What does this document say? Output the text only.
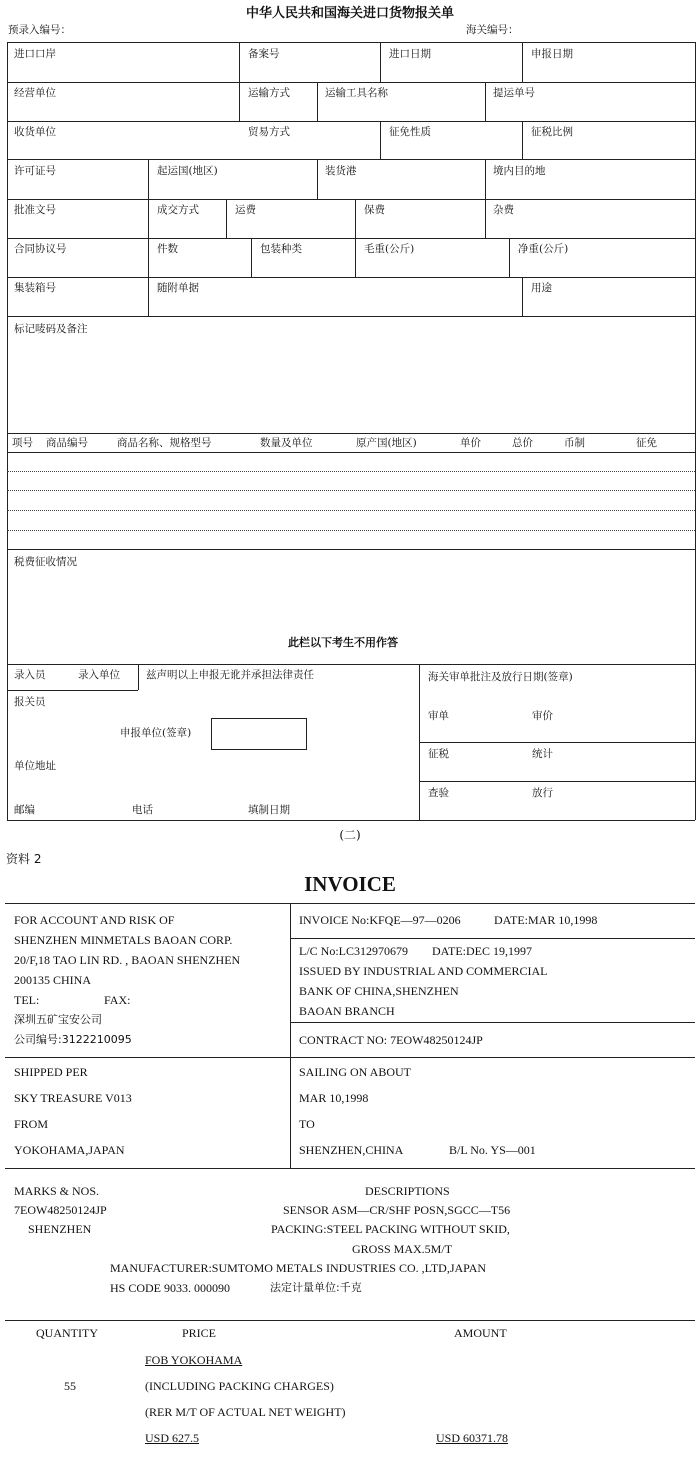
中华人民共和国海关进口货物报关单
预录入编号：	海关编号：
进口口岸	备案号	进口日期	申报日期
经营单位	运输方式	运输工具名称	提运单号
收货单位	贸易方式	征免性质	征税比例
许可证号	起运国(地区)	装货港	境内目的地
批准文号	成交方式	运费	保费	杂费
合同协议号	件数	包装种类	毛重(公斤)	净重(公斤)
集装箱号	随附单据	用途
标记唛码及备注
项号 商品编号	商品名称、规格型号	数量及单位	原产国(地区)	单价	总价	币制	征免
税费征收情况
此栏以下考生不用作答
录入员	录入单位 兹声明以上申报无讹并承担法律责任	海关审单批注及放行日期(签章)
报关员
审单	审价
申报单位(签章)
征税	统计
单位地址
查验	放行
邮编	电话	填制日期
(二)
资料 2
INVOICE
FOR ACCOUNT AND RISK OF
SHENZHEN MINMETALS BAOAN CORP.
20/F,18 TAO LIN RD. , BAOAN SHENZHEN
200135 CHINA
TEL:	FAX:
深圳五矿宝安公司
公司编号:3122210095
INVOICE No:KFQE—97—0206	DATE:MAR 10,1998
L/C No:LC312970679 DATE:DEC 19,1997
ISSUED BY INDUSTRIAL AND COMMERCIAL
BANK OF CHINA,SHENZHEN
BAOAN BRANCH
CONTRACT NO: 7EOW48250124JP
SHIPPED PER
SKY TREASURE V013
FROM
YOKOHAMA,JAPAN
SAILING ON ABOUT
MAR 10,1998
TO
SHENZHEN,CHINA	B/L No. YS—001
MARKS & NOS.
7EOW48250124JP
SHENZHEN
DESCRIPTIONS
SENSOR ASM—CR/SHF POSN,SGCC—T56
PACKING:STEEL PACKING WITHOUT SKID,
GROSS MAX.5M/T
MANUFACTURER:SUMTOMO METALS INDUSTRIES CO. ,LTD,JAPAN
HS CODE 9033. 000090	法定计量单位:千克
QUANTITY	PRICE	AMOUNT
FOB YOKOHAMA
55	(INCLUDING PACKING CHARGES)
(RER M/T OF ACTUAL NET WEIGHT)
USD 627.5	USD 60371.78
